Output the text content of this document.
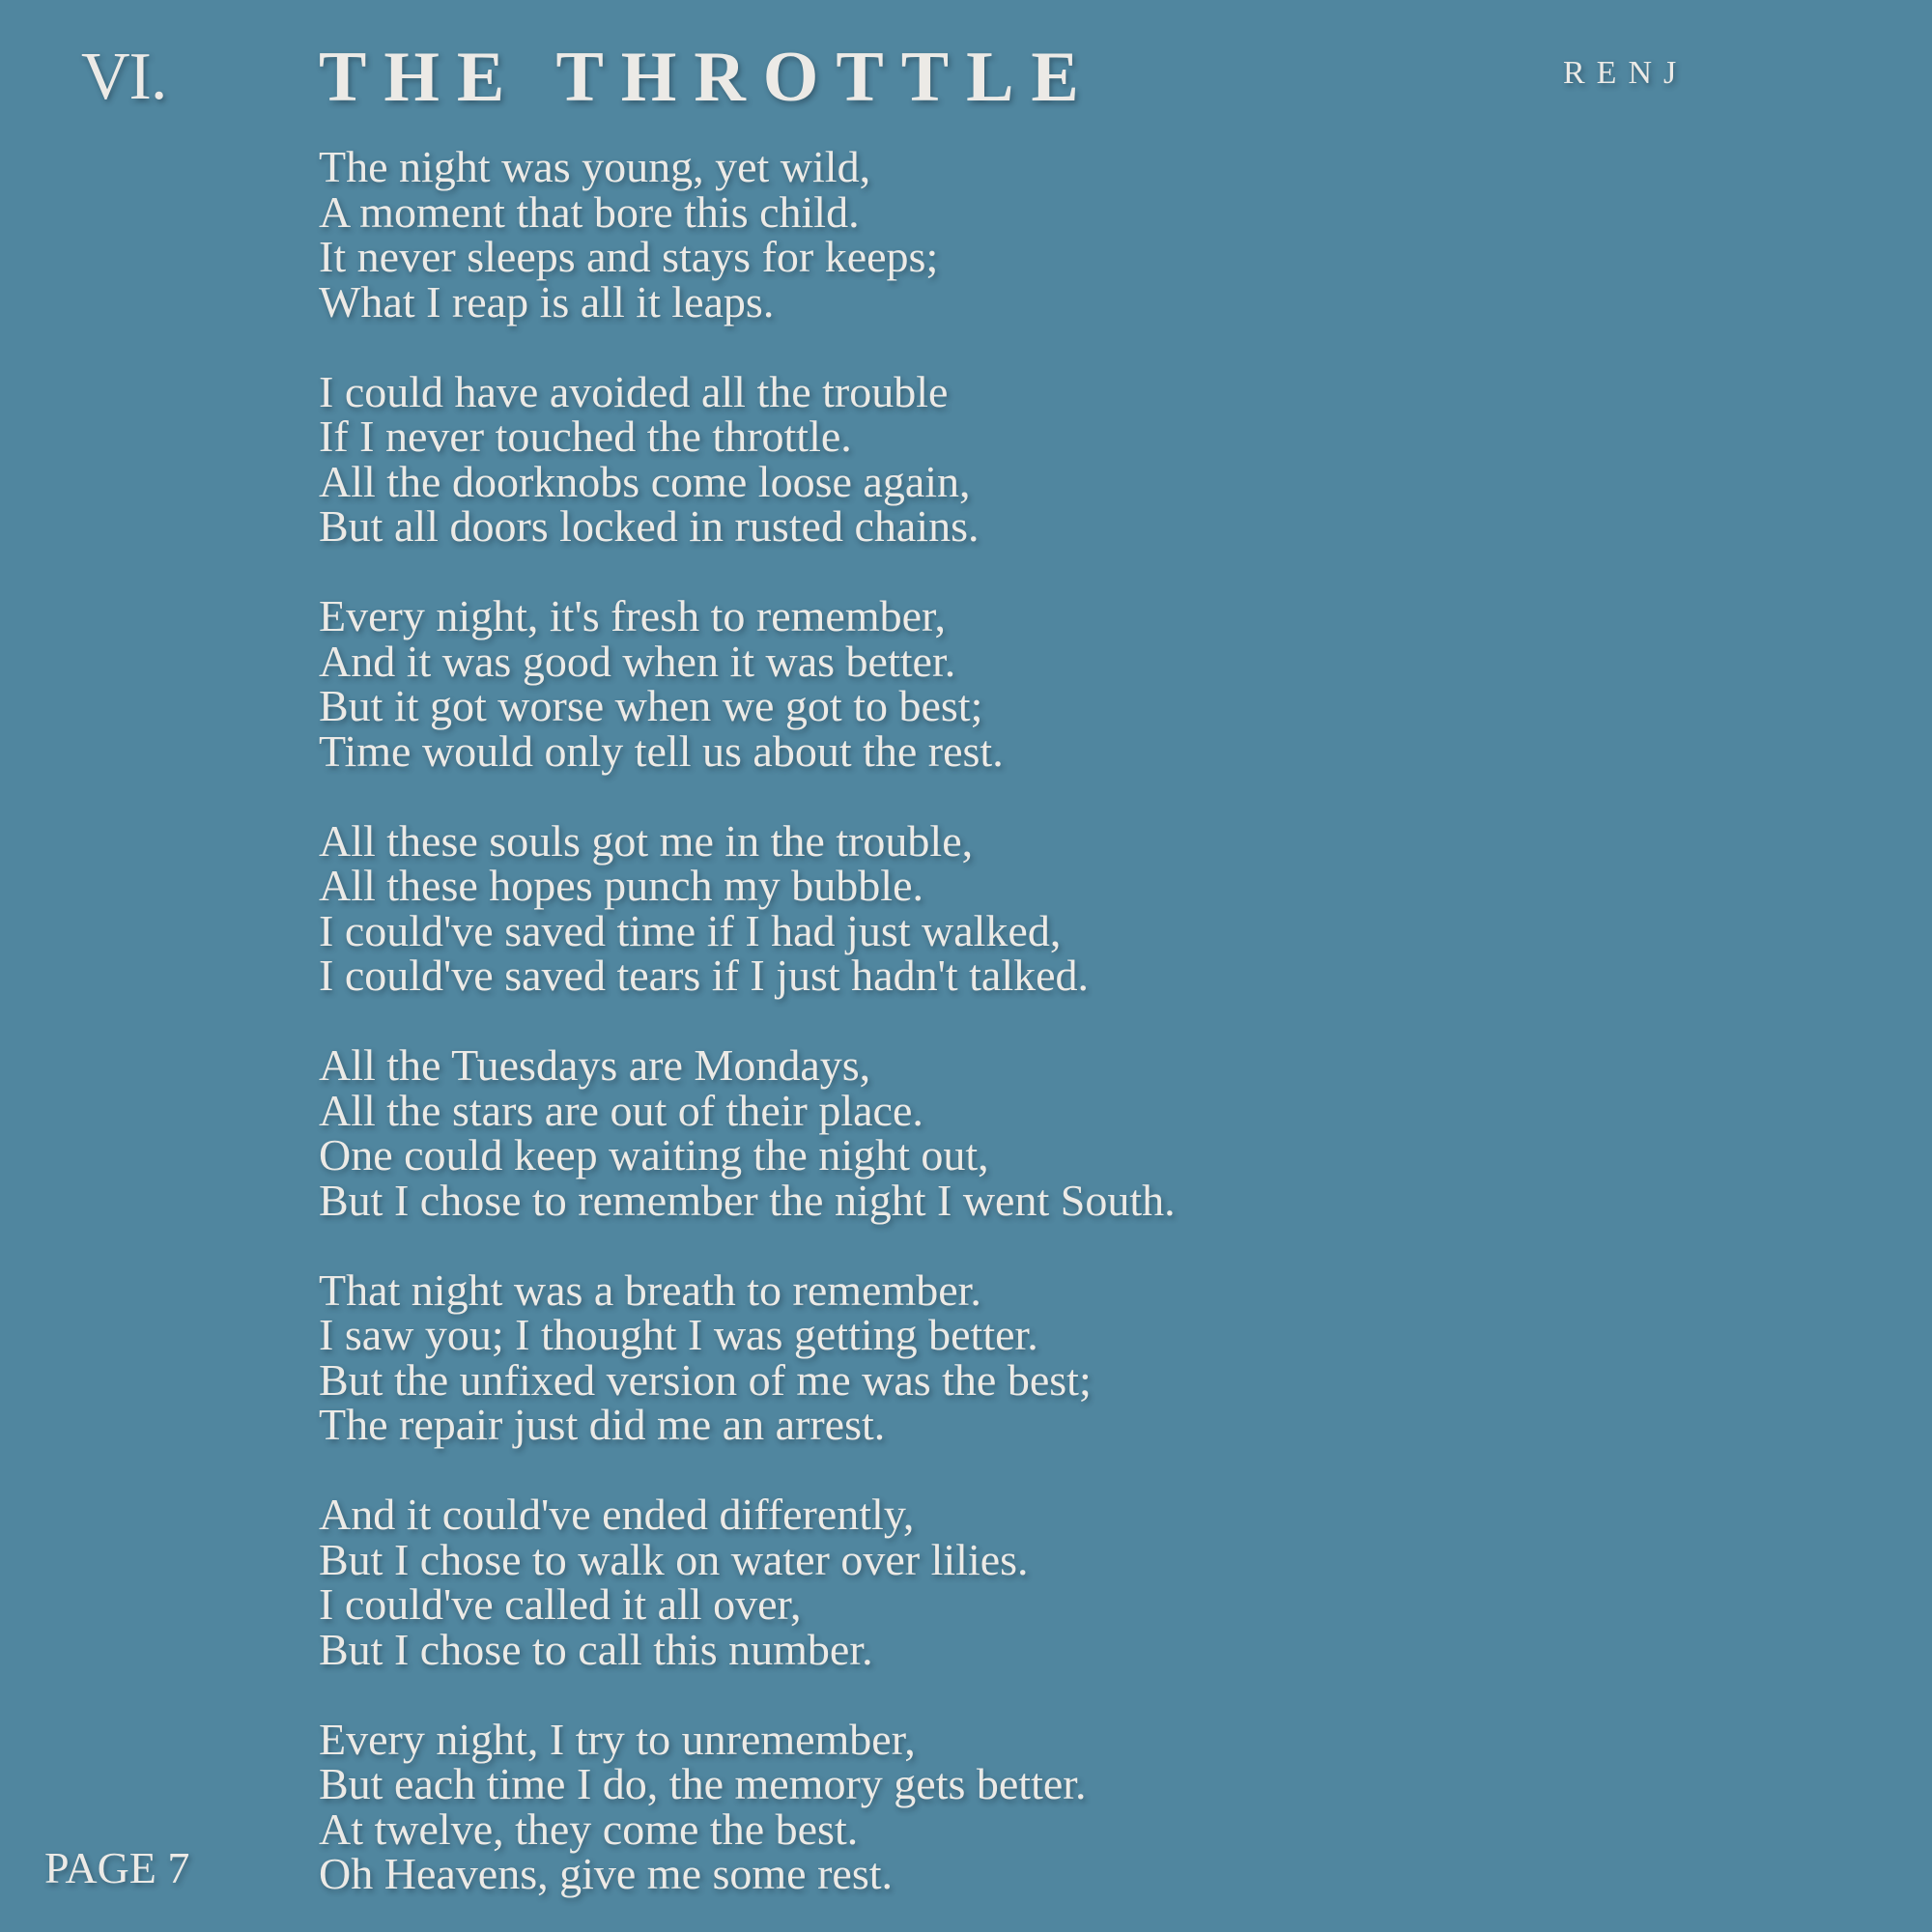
VI. THE THROTTLE	RENJ
The night was young, yet wild,
A moment that bore this child.
It never sleeps and stays for keeps;
What I reap is all it leaps.
I could have avoided all the trouble
If I never touched the throttle.
All the doorknobs come loose again,
But all doors locked in rusted chains.
Every night, it's fresh to remember,
And it was good when it was better.
But it got worse when we got to best;
Time would only tell us about the rest.
All these souls got me in the trouble,
All these hopes punch my bubble.
I could've saved time if I had just walked,
I could've saved tears if I just hadn't talked.
All the Tuesdays are Mondays,
All the stars are out of their place.
One could keep waiting the night out,
But I chose to remember the night I went South.
That night was a breath to remember.
I saw you; I thought I was getting better.
But the unfixed version of me was the best;
The repair just did me an arrest.
And it could've ended differently,
But I chose to walk on water over lilies.
I could've called it all over,
But I chose to call this number.
Every night, I try to unremember,
But each time I do, the memory gets better.
At twelve, they come the best.
Oh Heavens, give me some rest.
PAGE 7
